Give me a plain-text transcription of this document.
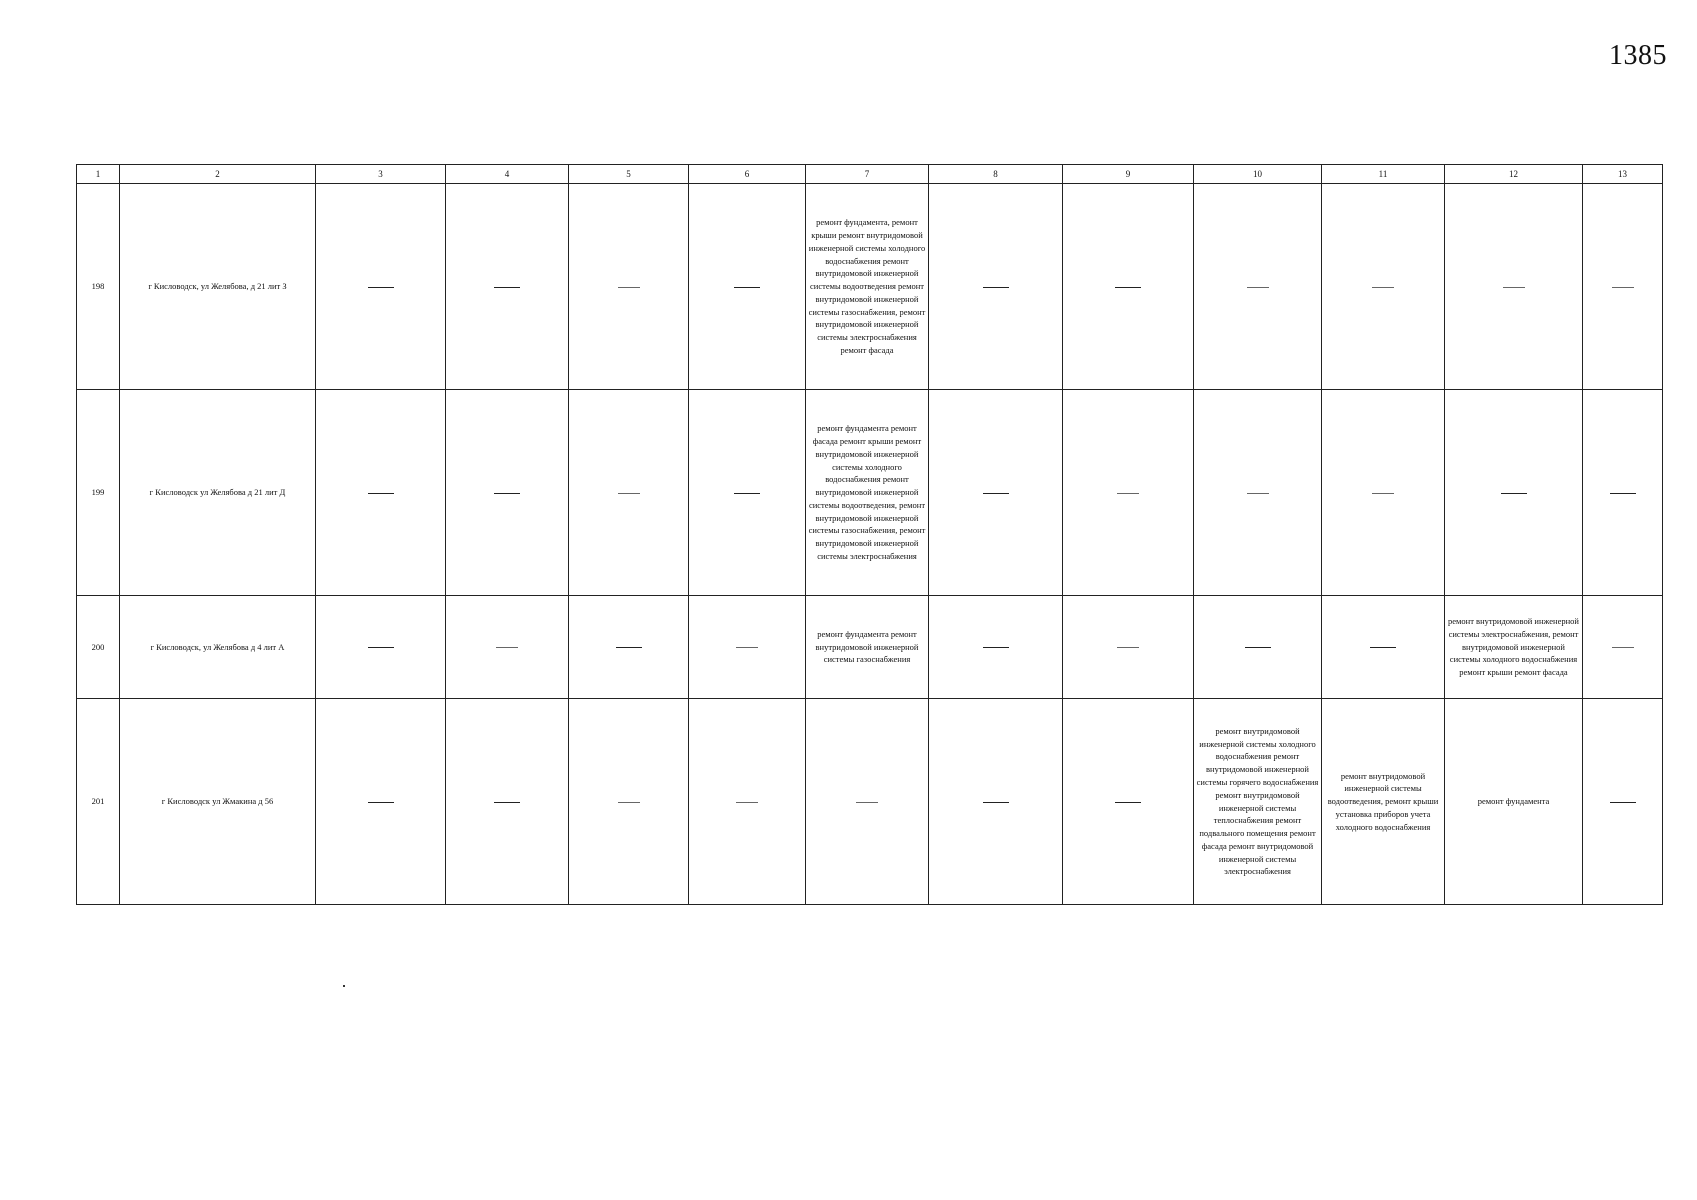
1385
1	2	3	4	5	6	7	8	9	10	11	12	13
198	г Кисловодск, ул Желябова, д 21 лит З					ремонт фундамента, ремонт крыши ремонт внутридомовой инженерной системы холодного водоснабжения ремонт внутридомовой инженерной системы водоотведения ремонт внутридомовой инженерной системы газоснабжения, ремонт внутридомовой инженерной системы электроснабжения ремонт фасада						
199	г Кисловодск ул Желябова д 21 лит Д					ремонт фундамента ремонт фасада ремонт крыши ремонт внутридомовой инженерной системы холодного водоснабжения ремонт внутридомовой инженерной системы водоотведения, ремонт внутридомовой инженерной системы газоснабжения, ремонт внутридомовой инженерной системы электроснабжения						
200	г Кисловодск, ул Желябова д 4 лит А					ремонт фундамента ремонт внутридомовой инженерной системы газоснабжения					ремонт внутридомовой инженерной системы электроснабжения, ремонт внутридомовой инженерной системы холодного водоснабжения ремонт крыши ремонт фасада	
201	г Кисловодск ул Жмакина д 56								ремонт внутридомовой инженерной системы холодного водоснабжения ремонт внутридомовой инженерной системы горячего водоснабжения ремонт внутридомовой инженерной системы теплоснабжения ремонт подвального помещения ремонт фасада ремонт внутридомовой инженерной системы электроснабжения	ремонт внутридомовой инженерной системы водоотведения, ремонт крыши установка приборов учета холодного водоснабжения	ремонт фундамента	
